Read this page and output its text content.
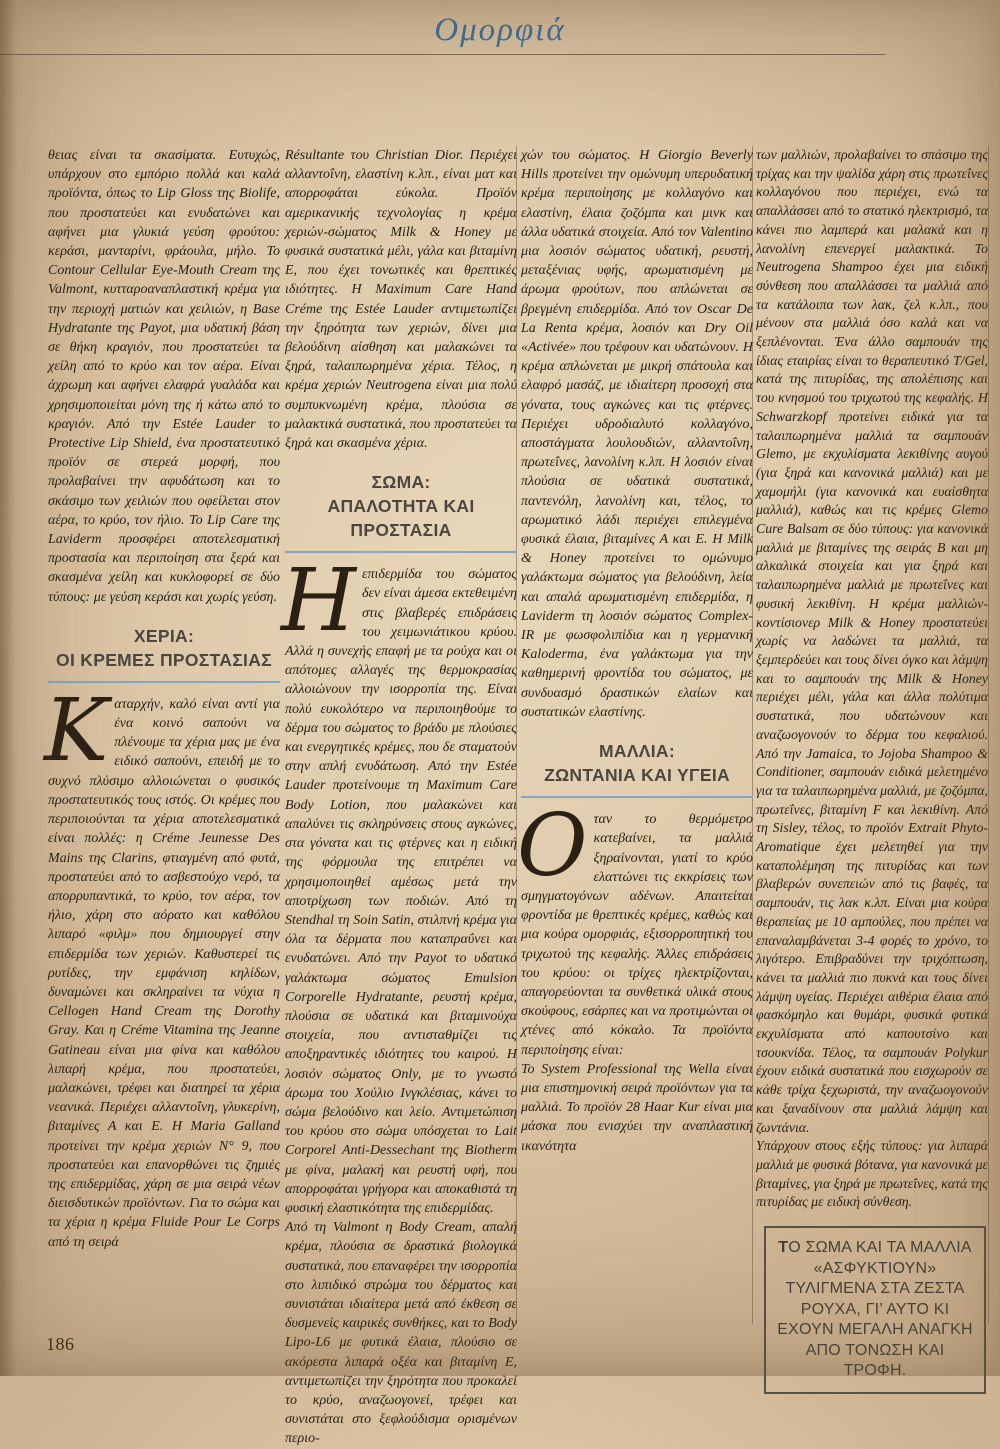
Ομορφιά

θειας είναι τα σκασίματα. Ευτυχώς, υπάρχουν στο εμπόριο πολλά και καλά προϊόντα, όπως το Lip Gloss της Biolife, που προστατεύει και ενυδατώνει και αφήνει μια γλυκιά γεύση φρούτου: κεράσι, μανταρίνι, φράουλα, μήλο. Το Contour Cellular Eye-Mouth Cream της Valmont, κυτταροαναπλαστική κρέμα για την περιοχή ματιών και χειλιών, η Base Hydratante της Payot, μια υδατική βάση σε θήκη κραγιόν, που προστατεύει τα χείλη από το κρύο και τον αέρα. Είναι άχρωμη και αφήνει ελαφρά γυαλάδα και χρησιμοποιείται μόνη της ή κάτω από το κραγιόν. Από την Estée Lauder το Protective Lip Shield, ένα προστατευτικό προϊόν σε στερεά μορφή, που προλαβαίνει την αφυδάτωση και το σκάσιμο των χειλιών που οφείλεται στον αέρα, το κρύο, τον ήλιο. Το Lip Care της Laviderm προσφέρει αποτελεσματική προστασία και περιποίηση στα ξερά και σκασμένα χείλη και κυκλοφορεί σε δύο τύπους: με γεύση κεράσι και χωρίς γεύση.

ΧΕΡΙΑ:
ΟΙ ΚΡΕΜΕΣ ΠΡΟΣΤΑΣΙΑΣ

Καταρχήν, καλό είναι αντί για ένα κοινό σαπούνι να πλένουμε τα χέρια μας με ένα ειδικό σαπούνι, επειδή με το συχνό πλύσιμο αλλοιώνεται ο φυσικός προστατευτικός τους ιστός. Οι κρέμες που περιποιούνται τα χέρια αποτελεσματικά είναι πολλές: η Créme Jeunesse Des Mains της Clarins, φτιαγμένη από φυτά, προστατεύει από το ασβεστούχο νερό, τα απορρυπαντικά, το κρύο, τον αέρα, τον ήλιο, χάρη στο αόρατο και καθόλου λιπαρό «φιλμ» που δημιουργεί στην επιδερμίδα των χεριών. Καθυστερεί τις ρυτίδες, την εμφάνιση κηλίδων, δυναμώνει και σκληραίνει τα νύχια η Cellogen Hand Cream της Dorothy Gray. Και η Créme Vitamina της Jeanne Gatineau είναι μια φίνα και καθόλου λιπαρή κρέμα, που προστατεύει, μαλακώνει, τρέφει και διατηρεί τα χέρια νεανικά. Περιέχει αλλαντοΐνη, γλυκερίνη, βιταμίνες Α και Ε. Η Maria Galland προτείνει την κρέμα χεριών N° 9, που προστατεύει και επανορθώνει τις ζημιές της επιδερμίδας, χάρη σε μια σειρά νέων διεισδυτικών προϊόντων. Για το σώμα και τα χέρια η κρέμα Fluide Pour Le Corps από τη σειρά

Résultante του Christian Dior. Περιέχει αλλαντοΐνη, ελαστίνη κ.λπ., είναι ματ και απορροφάται εύκολα. Προϊόν αμερικανικής τεχνολογίας η κρέμα χεριών-σώματος Milk & Honey με φυσικά συστατικά μέλι, γάλα και βιταμίνη Ε, που έχει τονωτικές και θρεπτικές ιδιότητες. Η Maximum Care Hand Créme της Estée Lauder αντιμετωπίζει την ξηρότητα των χεριών, δίνει μια βελούδινη αίσθηση και μαλακώνει τα ξηρά, ταλαιπωρημένα χέρια. Τέλος, η κρέμα χεριών Neutrogena είναι μια πολύ συμπυκνωμένη κρέμα, πλούσια σε μαλακτικά συστατικά, που προστατεύει τα ξηρά και σκασμένα χέρια.

ΣΩΜΑ:
ΑΠΑΛΟΤΗΤΑ ΚΑΙ ΠΡΟΣΤΑΣΙΑ

Ηεπιδερμίδα του σώματος δεν είναι άμεσα εκτεθειμένη στις βλαβερές επιδράσεις του χειμωνιάτικου κρύου. Αλλά η συνεχής επαφή με τα ρούχα και οι απότομες αλλαγές της θερμοκρασίας αλλοιώνουν την ισορροπία της. Είναι πολύ ευκολότερο να περιποιηθούμε το δέρμα του σώματος το βράδυ με πλούσιες και ενεργητικές κρέμες, που δε σταματούν στην απλή ενυδάτωση. Από την Estée Lauder προτείνουμε τη Maximum Care Body Lotion, που μαλακώνει και απαλύνει τις σκληρύνσεις στους αγκώνες, στα γόνατα και τις φτέρνες και η ειδική της φόρμουλα της επιτρέπει να χρησιμοποιηθεί αμέσως μετά την αποτρίχωση των ποδιών. Από τη Stendhal τη Soin Satin, στιλπνή κρέμα για όλα τα δέρματα που καταπραΰνει και ενυδατώνει. Από την Payot το υδατικό γαλάκτωμα σώματος Emulsion Corporelle Hydratante, ρευστή κρέμα, πλούσια σε υδατικά και βιταμινούχα στοιχεία, που αντισταθμίζει τις αποξηραντικές ιδιότητες του καιρού. Η λοσιόν σώματος Only, με το γνωστό άρωμα του Χούλιο Ινγκλέσιας, κάνει το σώμα βελούδινο και λείο. Αντιμετώπιση του κρύου στο σώμα υπόσχεται το Lait Corporel Anti-Dessechant της Biotherm με φίνα, μαλακή και ρευστή υφή, που απορροφάται γρήγορα και αποκαθιστά τη φυσική ελαστικότητα της επιδερμίδας.

Από τη Valmont η Body Cream, απαλή κρέμα, πλούσια σε δραστικά βιολογικά συστατικά, που επαναφέρει την ισορροπία στο λιπιδικό στρώμα του δέρματος και συνιστάται ιδιαίτερα μετά από έκθεση σε δυσμενείς καιρικές συνθήκες, και το Body Lipo-L6 με φυτικά έλαια, πλούσιο σε ακόρεστα λιπαρά οξέα και βιταμίνη Ε, αντιμετωπίζει την ξηρότητα που προκαλεί το κρύο, αναζωογονεί, τρέφει και συνιστάται στο ξεφλούδισμα ορισμένων περιο-

χών του σώματος. Η Giorgio Beverly Hills προτείνει την ομώνυμη υπερυδατική κρέμα περιποίησης με κολλαγόνο και ελαστίνη, έλαια ζοζόμπα και μινκ και άλλα υδατικά στοιχεία. Από τον Valentino μια λοσιόν σώματος υδατική, ρευστή, μεταξένιας υφής, αρωματισμένη με άρωμα φρούτων, που απλώνεται σε βρεγμένη επιδερμίδα. Από τον Oscar De La Renta κρέμα, λοσιόν και Dry Oil «Activée» που τρέφουν και υδατώνουν. Η κρέμα απλώνεται με μικρή σπάτουλα και ελαφρό μασάζ, με ιδιαίτερη προσοχή στα γόνατα, τους αγκώνες και τις φτέρνες. Περιέχει υδροδιαλυτό κολλαγόνο, αποστάγματα λουλουδιών, αλλαντοΐνη, πρωτεΐνες, λανολίνη κ.λπ. Η λοσιόν είναι πλούσια σε υδατικά συστατικά, παντενόλη, λανολίνη και, τέλος, το αρωματικό λάδι περιέχει επιλεγμένα φυσικά έλαια, βιταμίνες Α και Ε. Η Milk & Honey προτείνει το ομώνυμο γαλάκτωμα σώματος για βελούδινη, λεία και απαλά αρωματισμένη επιδερμίδα, η Laviderm τη λοσιόν σώματος Complex-IR με φωσφολιπίδια και η γερμανική Kaloderma, ένα γαλάκτωμα για την καθημερινή φροντίδα του σώματος, με συνδυασμό δραστικών ελαίων και συστατικών ελαστίνης.

ΜΑΛΛΙΑ:
ΖΩΝΤΑΝΙΑ ΚΑΙ ΥΓΕΙΑ

Οταν το θερμόμετρο κατεβαίνει, τα μαλλιά ξηραίνονται, γιατί το κρύο ελαττώνει τις εκκρίσεις των σμηγματογόνων αδένων. Απαιτείται φροντίδα με θρεπτικές κρέμες, καθώς και μια κούρα ομορφιάς, εξισορροπητική του τριχωτού της κεφαλής. Άλλες επιδράσεις του κρύου: οι τρίχες ηλεκτρίζονται, απαγορεύονται τα συνθετικά υλικά στους σκούφους, εσάρπες και να προτιμώνται οι χτένες από κόκαλο. Τα προϊόντα περιποίησης είναι:

Το System Professional της Wella είναι μια επιστημονική σειρά προϊόντων για τα μαλλιά. Το προϊόν 28 Haar Kur είναι μια μάσκα που ενισχύει την αναπλαστική ικανότητα

των μαλλιών, προλαβαίνει το σπάσιμο της τρίχας και την ψαλίδα χάρη στις πρωτεΐνες κολλαγόνου που περιέχει, ενώ τα απαλλάσσει από το στατικό ηλεκτρισμό, τα κάνει πιο λαμπερά και μαλακά και η λανολίνη επενεργεί μαλακτικά. Το Neutrogena Shampoo έχει μια ειδική σύνθεση που απαλλάσσει τα μαλλιά από τα κατάλοιπα των λακ, ζελ κ.λπ., που μένουν στα μαλλιά όσο καλά και να ξεπλένονται. Ένα άλλο σαμπουάν της ίδιας εταιρίας είναι το θεραπευτικό T/Gel, κατά της πιτυρίδας, της απολέπισης και του κνησμού του τριχωτού της κεφαλής. Η Schwarzkopf προτείνει ειδικά για τα ταλαιπωρημένα μαλλιά τα σαμπουάν Glemo, με εκχυλίσματα λεκιθίνης αυγού (για ξηρά και κανονικά μαλλιά) και με χαμομήλι (για κανονικά και ευαίσθητα μαλλιά), καθώς και τις κρέμες Glemo Cure Balsam σε δύο τύπους: για κανονικά μαλλιά με βιταμίνες της σειράς Β και μη αλκαλικά στοιχεία και για ξηρά και ταλαιπωρημένα μαλλιά με πρωτεΐνες και φυσική λεκιθίνη. Η κρέμα μαλλιών-κοντίσιονερ Milk & Honey προστατεύει χωρίς να λαδώνει τα μαλλιά, τα ξεμπερδεύει και τους δίνει όγκο και λάμψη και το σαμπουάν της Milk & Honey περιέχει μέλι, γάλα και άλλα πολύτιμα συστατικά, που υδατώνουν και αναζωογονούν το δέρμα του κεφαλιού. Από την Jamaica, το Jojoba Shampoo & Conditioner, σαμπουάν ειδικά μελετημένο για τα ταλαιπωρημένα μαλλιά, με ζοζόμπα, πρωτεΐνες, βιταμίνη F και λεκιθίνη. Από τη Sisley, τέλος, το προϊόν Extrait Phyto-Aromatique έχει μελετηθεί για την καταπολέμηση της πιτυρίδας και των βλαβερών συνεπειών από τις βαφές, τα σαμπουάν, τις λακ κ.λπ. Είναι μια κούρα θεραπείας με 10 αμπούλες, που πρέπει να επαναλαμβάνεται 3-4 φορές το χρόνο, το λιγότερο. Επιβραδύνει την τριχόπτωση, κάνει τα μαλλιά πιο πυκνά και τους δίνει λάμψη υγείας. Περιέχει αιθέρια έλαια από φασκόμηλο και θυμάρι, φυσικά φυτικά εκχυλίσματα από καπουτσίνο και τσουκνίδα. Τέλος, τα σαμπουάν Polykur έχουν ειδικά συστατικά που εισχωρούν σε κάθε τρίχα ξεχωριστά, την αναζωογονούν και ξαναδίνουν στα μαλλιά λάμψη και ζωντάνια.

Υπάρχουν στους εξής τύπους: για λιπαρά μαλλιά με φυσικά βότανα, για κανονικά με βιταμίνες, για ξηρά με πρωτεΐνες, κατά της πιτυρίδας με ειδική σύνθεση.

ΤΟ ΣΩΜΑ ΚΑΙ ΤΑ ΜΑΛΛΙΑ «ΑΣΦΥΚΤΙΟΥΝ» ΤΥΛΙΓΜΕΝΑ ΣΤΑ ΖΕΣΤΑ ΡΟΥΧΑ, ΓΙ’ ΑΥΤΟ ΚΙ ΕΧΟΥΝ ΜΕΓΑΛΗ ΑΝΑΓΚΗ ΑΠΟ ΤΟΝΩΣΗ ΚΑΙ ΤΡΟΦΗ.
186
